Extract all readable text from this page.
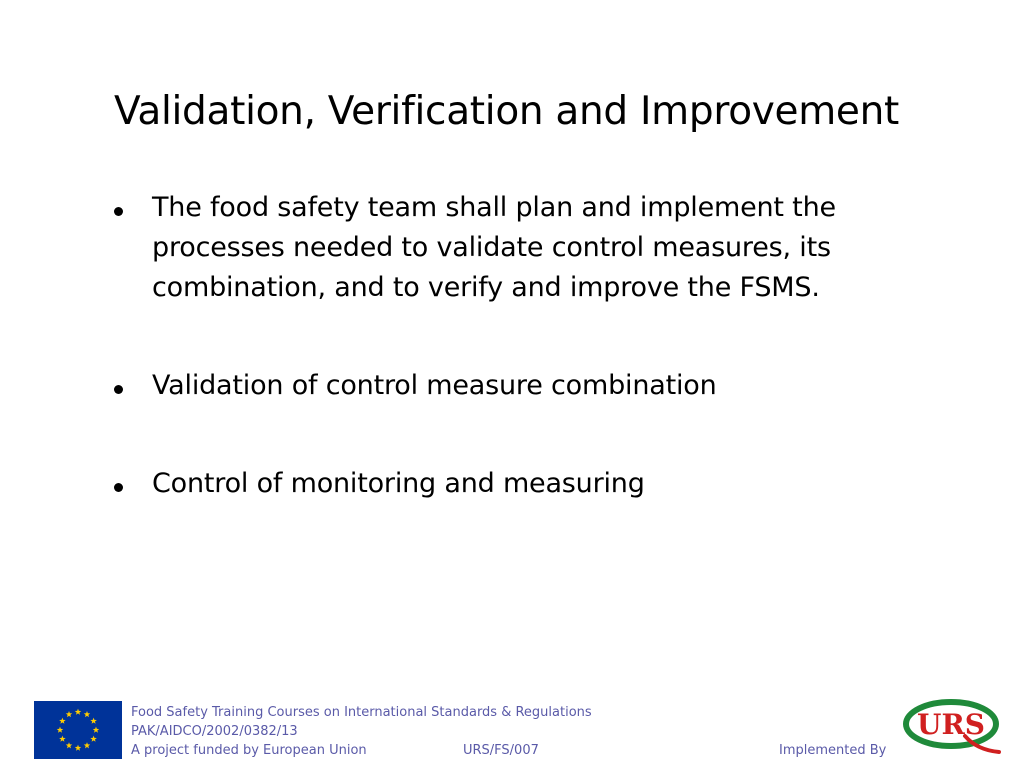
Validation, Verification and Improvement
The food safety team shall plan and implement the processes needed to validate control measures, its combination, and to verify and improve the FSMS.
Validation of control measure combination
Control of monitoring and measuring
Food Safety Training Courses on International Standards & Regulations
PAK/AIDCO/2002/0382/13
A project funded by European Union	URS/FS/007	Implemented By
URS
